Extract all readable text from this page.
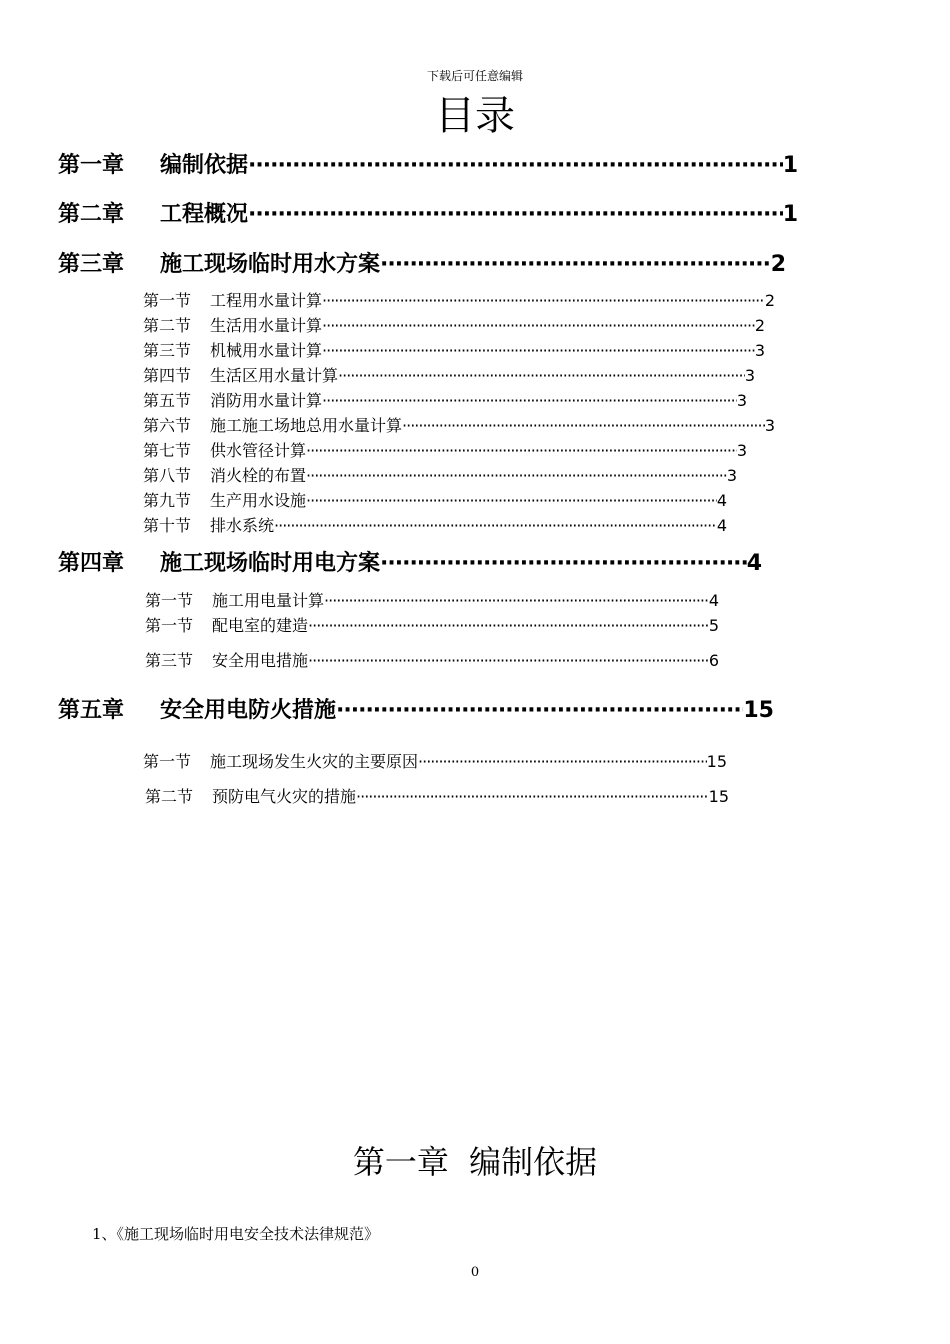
下载后可任意编辑
目录
第一章 编制依据 ·····	1
第二章 工程概况 ·····	1
第三章 施工现场临时用水方案 ·····	2
第一节 工程用水量计算 ·····	2
第二节 生活用水量计算 ·····	2
第三节 机械用水量计算 ·····	3
第四节 生活区用水量计算 ·····	3
第五节 消防用水量计算 ·····	3
第六节 施工施工场地总用水量计算 ·····	3
第七节 供水管径计算 ·····	3
第八节 消火栓的布置 ·····	3
第九节 生产用水设施 ·····	4
第十节 排水系统 ·····	4
第四章 施工现场临时用电方案 ·····	4
第一节 施工用电量计算 ·····	4
第一节 配电室的建造 ·····	5
第三节 安全用电措施 ·····	6
第五章 安全用电防火措施 ·····	15
第一节 施工现场发生火灾的主要原因 ·····	15
第二节 预防电气火灾的措施 ·····	15
第一章  编制依据
1、《施工现场临时用电安全技术法律规范》
0
